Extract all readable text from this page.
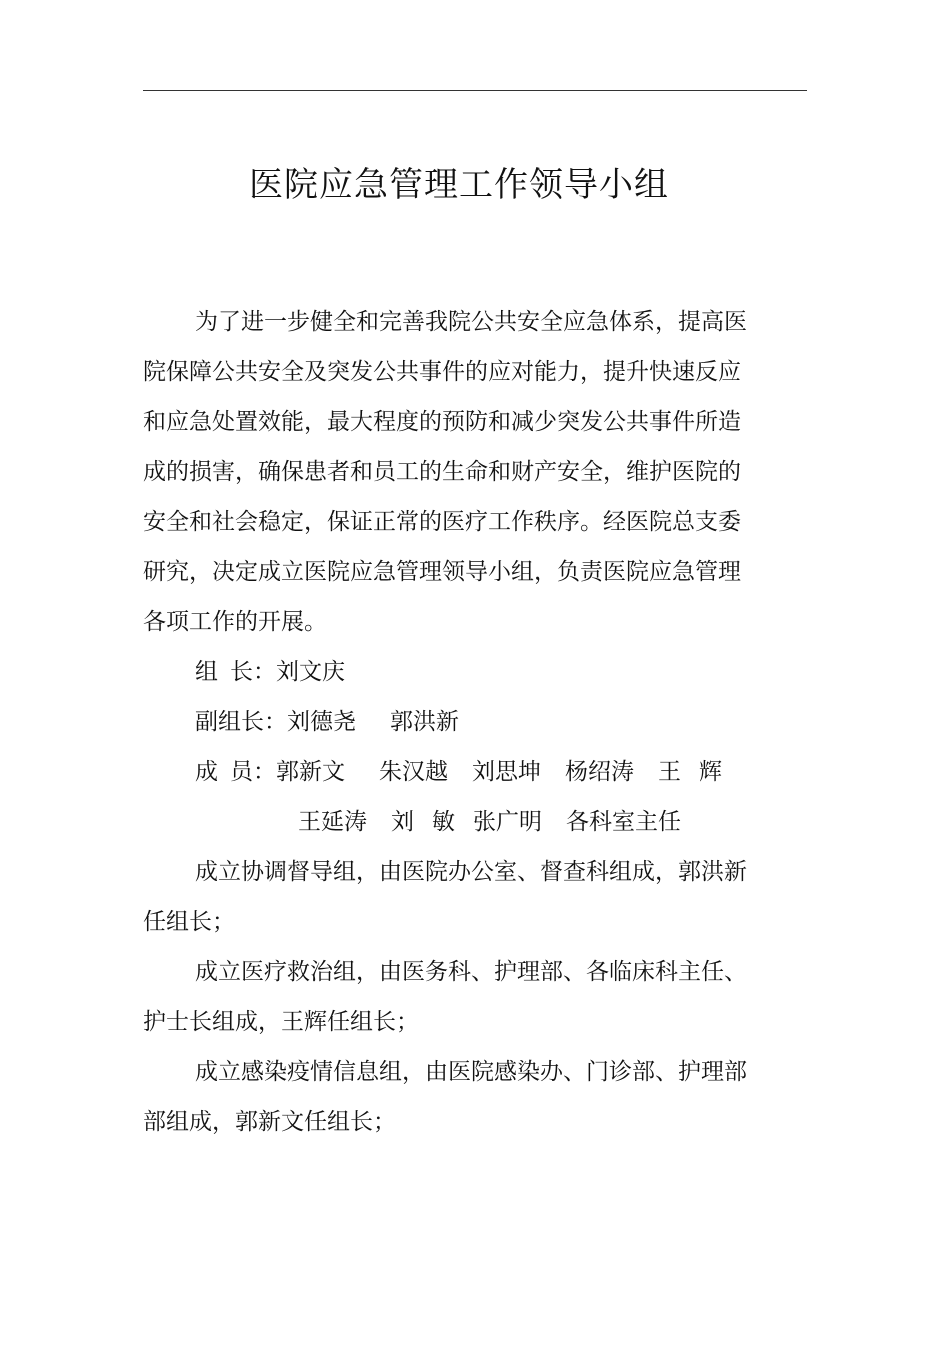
医院应急管理工作领导小组
为了进一步健全和完善我院公共安全应急体系，提高医
院保障公共安全及突发公共事件的应对能力，提升快速反应
和应急处置效能，最大程度的预防和减少突发公共事件所造
成的损害，确保患者和员工的生命和财产安全，维护医院的
安全和社会稳定，保证正常的医疗工作秩序。经医院总支委
研究，决定成立医院应急管理领导小组，负责医院应急管理
各项工作的开展。
组 长：刘文庆
副组长：刘德尧 郭洪新
成 员：郭新文 朱汉越 刘思坤 杨绍涛 王 辉
王延涛 刘 敏 张广明 各科室主任
成立协调督导组，由医院办公室、督查科组成，郭洪新
任组长；
成立医疗救治组，由医务科、护理部、各临床科主任、
护士长组成，王辉任组长；
成立感染疫情信息组，由医院感染办、门诊部、护理部
部组成，郭新文任组长；
